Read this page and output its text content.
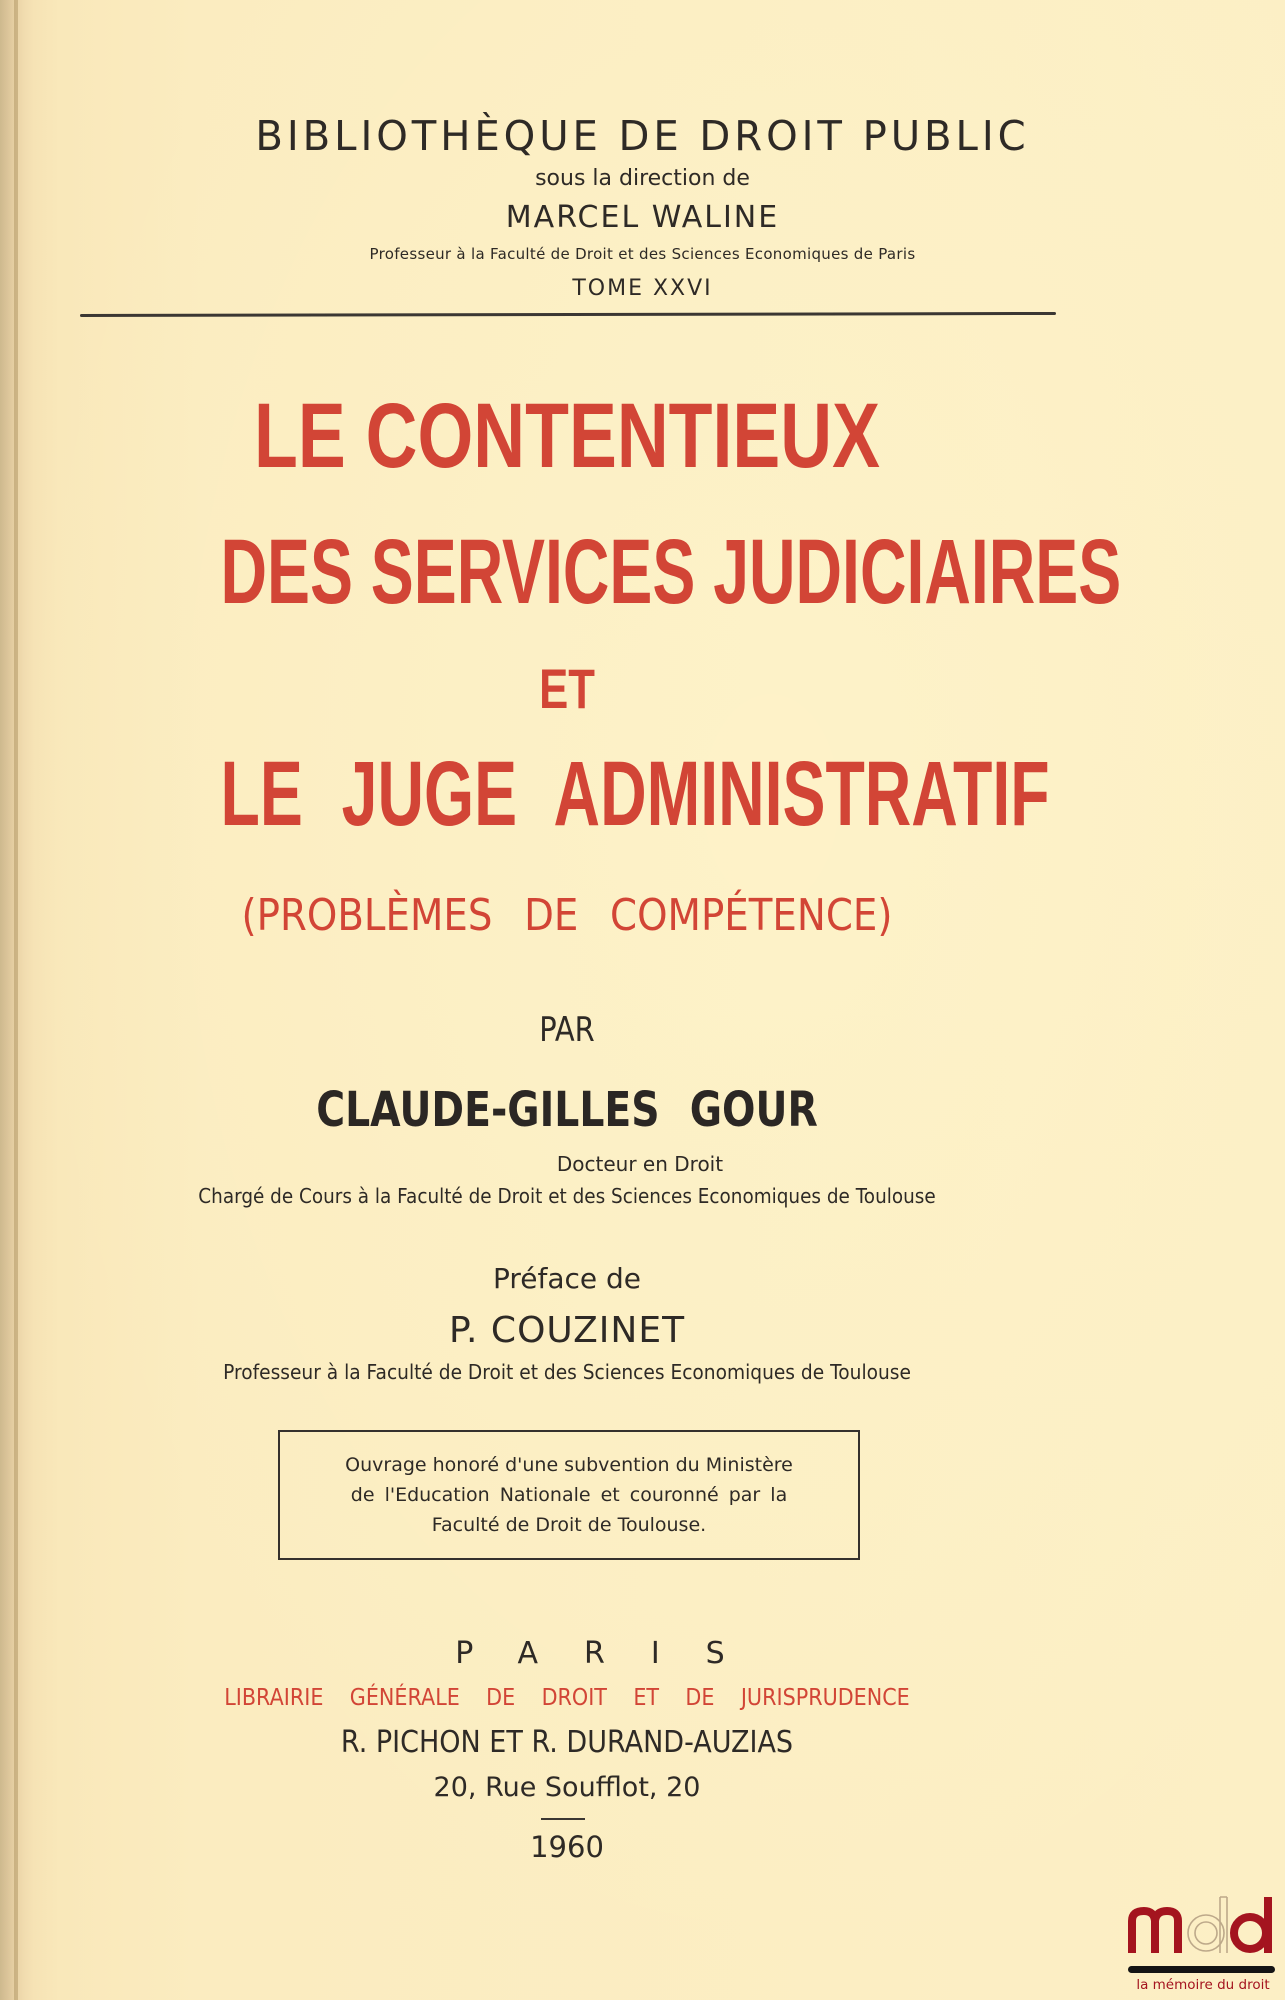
BIBLIOTHÈQUE DE DROIT PUBLIC
sous la direction de
MARCEL WALINE
Professeur à la Faculté de Droit et des Sciences Economiques de Paris
TOME XXVI
LE CONTENTIEUX
DES SERVICES JUDICIAIRES
ET
LE JUGE ADMINISTRATIF
(PROBLÈMES DE COMPÉTENCE)
PAR
CLAUDE-GILLES GOUR
Docteur en Droit
Chargé de Cours à la Faculté de Droit et des Sciences Economiques de Toulouse
Préface de
P. COUZINET
Professeur à la Faculté de Droit et des Sciences Economiques de Toulouse
Ouvrage honoré d'une subvention du Ministère
de l'Education Nationale et couronné par la
Faculté de Droit de Toulouse.
PARIS
LIBRAIRIE GÉNÉRALE DE DROIT ET DE JURISPRUDENCE
R. PICHON ET R. DURAND-AUZIAS
20, Rue Soufflot, 20
1960
la mémoire du droit
